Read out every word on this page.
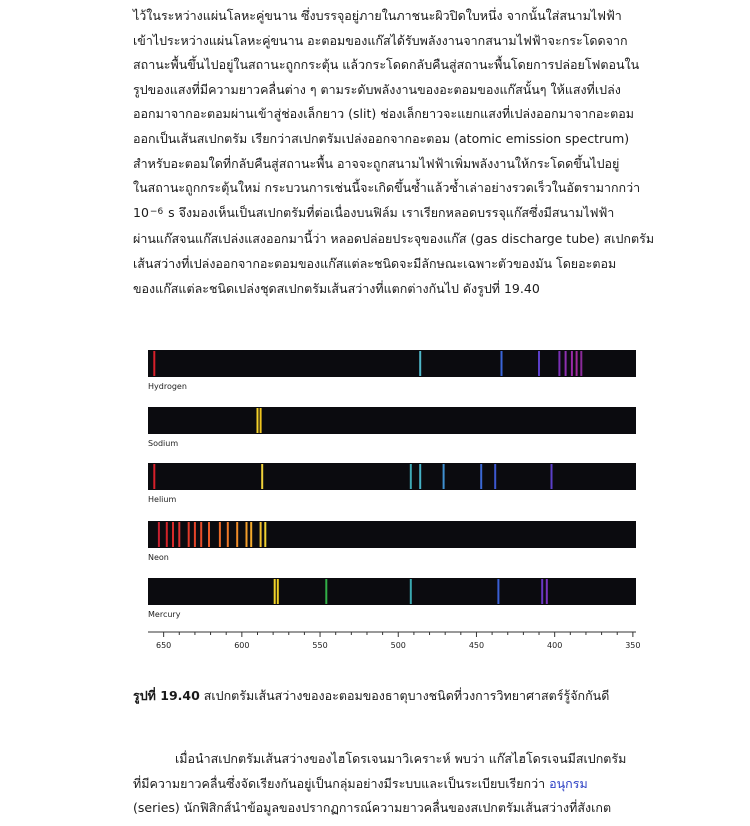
ไว้ในระหว่างแผ่นโลหะคู่ขนาน ซึ่งบรรจุอยู่ภายในภาชนะผิวปิดใบหนึ่ง จากนั้นใส่สนามไฟฟ้า
เข้าไประหว่างแผ่นโลหะคู่ขนาน อะตอมของแก๊สได้รับพลังงานจากสนามไฟฟ้าจะกระโดดจาก
สถานะพื้นขึ้นไปอยู่ในสถานะถูกกระตุ้น แล้วกระโดดกลับคืนสู่สถานะพื้นโดยการปล่อยโฟตอนใน
รูปของแสงที่มีความยาวคลื่นต่าง ๆ ตามระดับพลังงานของอะตอมของแก๊สนั้นๆ ให้แสงที่เปล่ง
ออกมาจากอะตอมผ่านเข้าสู่ช่องเล็กยาว (slit) ช่องเล็กยาวจะแยกแสงที่เปล่งออกมาจากอะตอม
ออกเป็นเส้นสเปกตรัม เรียกว่าสเปกตรัมเปล่งออกจากอะตอม (atomic emission spectrum)
สำหรับอะตอมใดที่กลับคืนสู่สถานะพื้น อาจจะถูกสนามไฟฟ้าเพิ่มพลังงานให้กระโดดขึ้นไปอยู่
ในสถานะถูกกระตุ้นใหม่ กระบวนการเช่นนี้จะเกิดขึ้นซ้ำแล้วซ้ำเล่าอย่างรวดเร็วในอัตรามากกว่า
$10^{-6}$ s จึงมองเห็นเป็นสเปกตรัมที่ต่อเนื่องบนฟิล์ม เราเรียกหลอดบรรจุแก๊สซึ่งมีสนามไฟฟ้า
ผ่านแก๊สจนแก๊สเปล่งแสงออกมานี้ว่า หลอดปล่อยประจุของแก๊ส (gas discharge tube) สเปกตรัม
เส้นสว่างที่เปล่งออกจากอะตอมของแก๊สแต่ละชนิดจะมีลักษณะเฉพาะตัวของมัน โดยอะตอม
ของแก๊สแต่ละชนิดเปล่งชุดสเปกตรัมเส้นสว่างที่แตกต่างกันไป ดังรูปที่ 19.40
Hydrogen
Sodium
Helium
Neon
Mercury
650	600	550	500	450	400	350
รูปที่ 19.40 สเปกตรัมเส้นสว่างของอะตอมของธาตุบางชนิดที่วงการวิทยาศาสตร์รู้จักกันดี
เมื่อนำสเปกตรัมเส้นสว่างของไฮโดรเจนมาวิเคราะห์ พบว่า แก๊สไฮโดรเจนมีสเปกตรัม
ที่มีความยาวคลื่นซึ่งจัดเรียงกันอยู่เป็นกลุ่มอย่างมีระบบและเป็นระเบียบเรียกว่า อนุกรม
(series) นักฟิสิกส์นำข้อมูลของปรากฏการณ์ความยาวคลื่นของสเปกตรัมเส้นสว่างที่สังเกต
